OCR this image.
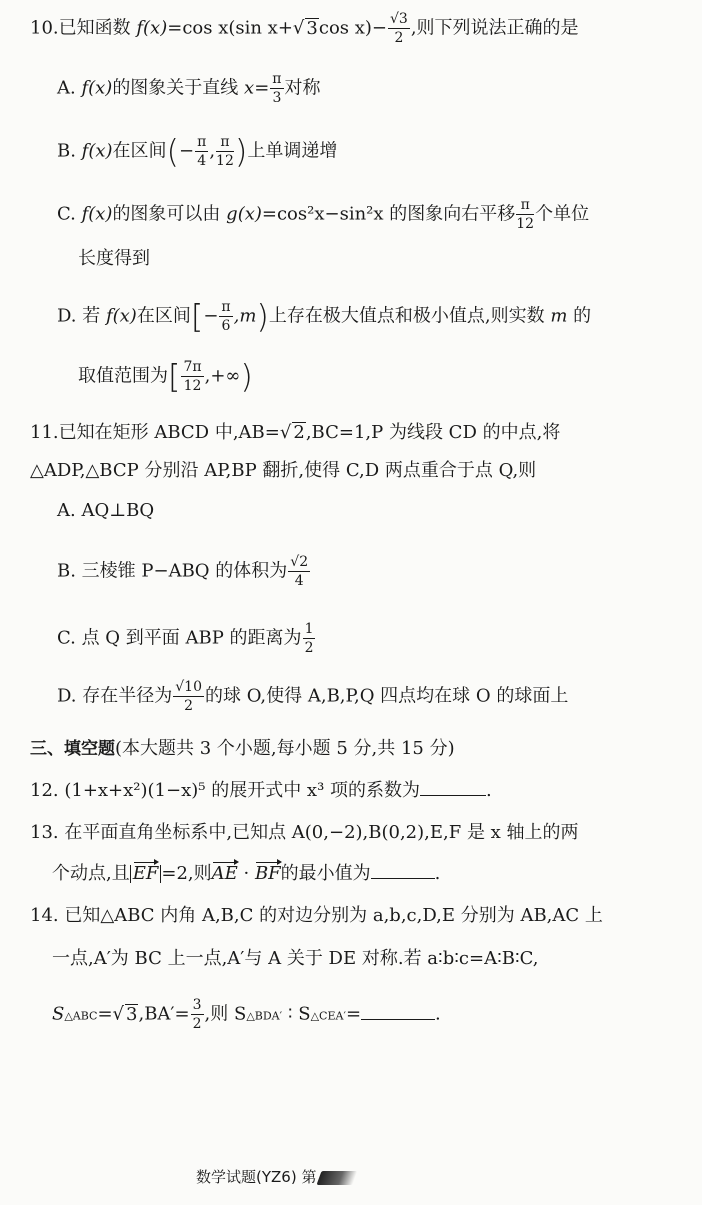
10.已知函数 f(x)=cos x(sin x+√ 3cos $x)- \frac{√3}{2}$ ,则下列说法正确的是
A. f(x)的图象关于直线 $x= \frac{\pi}{3}$ 对称
B. f(x)在区间(− $\frac{\pi}{4}$ , $\frac{\pi}{12}$ )上单调递增
C. f(x)的图象可以由 g(x)=cos²x−sin²x 的图象向右平移 $\frac{\pi}{12}$ 个单位
长度得到
D. 若 f(x)在区间[− $\frac{\pi}{6} ,m$)上存在极大值点和极小值点,则实数 m 的
取值范围为[ $\frac{7\pi}{12}$ ,+∞)
11.已知在矩形 ABCD 中,AB=√ 2,BC=1,P 为线段 CD 的中点,将
△ADP,△BCP 分别沿 AP,BP 翻折,使得 C,D 两点重合于点 Q,则
A. AQ⊥BQ
B. 三棱锥 P−ABQ 的体积为 $\frac{√2}{4}$
C. 点 Q 到平面 ABP 的距离为 $\frac{1}{2}$
D. 存在半径为 $\frac{√10}{2}$ 的球 O,使得 A,B,P,Q 四点均在球 O 的球面上
三、填空题(本大题共 3 个小题,每小题 5 分,共 15 分)
12. (1+x+x²)(1−x)⁵ 的展开式中 x³ 项的系数为	.
13. 在平面直角坐标系中,已知点 A(0,−2),B(0,2),E,F 是 x 轴上的两
个动点,且 EF =2,则AE · BF的最小值为	.
14. 已知△ABC 内角 A,B,C 的对边分别为 a,b,c,D,E 分别为 AB,AC 上
一点,A′为 BC 上一点,A′与 A 关于 DE 对称.若 a∶b∶c=A∶B∶C,
S△ABC=√ $3,BA'= \frac{3}{2}$ ,则 S△BDA′ ∶ S△CEA′=	.
数学试题(YZ6) 第
